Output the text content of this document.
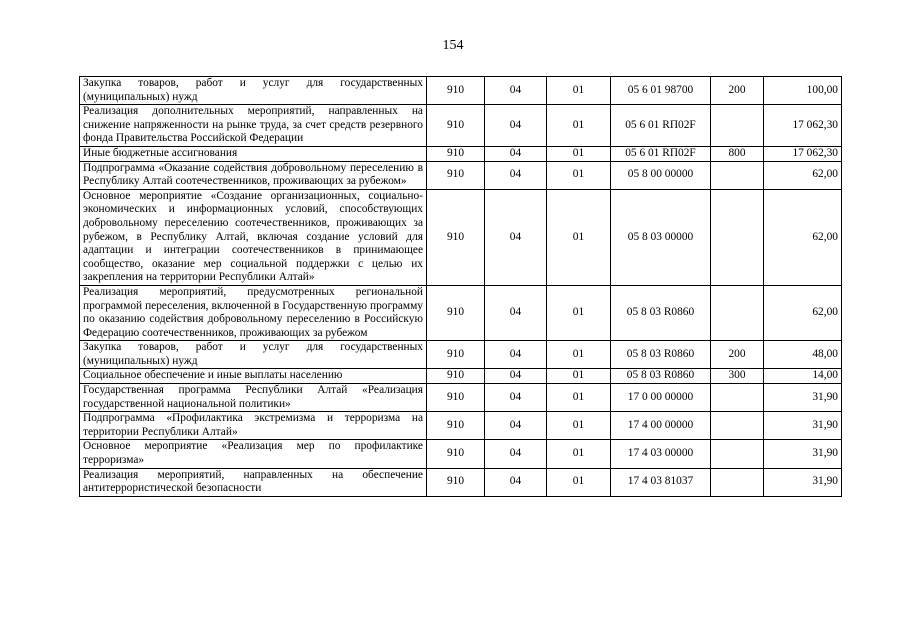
154
Закупка товаров, работ и услуг для государственных (муниципальных) нужд	910	04	01	05 6 01 98700	200	100,00
Реализация дополнительных мероприятий, направленных на снижение напряженности на рынке труда, за счет средств резервного фонда Правительства Российской Федерации	910	04	01	05 6 01 RП02F		17 062,30
Иные бюджетные ассигнования	910	04	01	05 6 01 RП02F	800	17 062,30
Подпрограмма «Оказание содействия добровольному переселению в Республику Алтай соотечественников, проживающих за рубежом»	910	04	01	05 8 00 00000		62,00
Основное мероприятие «Создание организационных, социально-экономических и информационных условий, способствующих добровольному переселению соотечественников, проживающих за рубежом, в Республику Алтай, включая создание условий для адаптации и интеграции соотечественников в принимающее сообщество, оказание мер социальной поддержки с целью их закрепления на территории Республики Алтай»	910	04	01	05 8 03 00000		62,00
Реализация мероприятий, предусмотренных региональной программой переселения, включенной в Государственную программу по оказанию содействия добровольному переселению в Российскую Федерацию соотечественников, проживающих за рубежом	910	04	01	05 8 03 R0860		62,00
Закупка товаров, работ и услуг для государственных (муниципальных) нужд	910	04	01	05 8 03 R0860	200	48,00
Социальное обеспечение и иные выплаты населению	910	04	01	05 8 03 R0860	300	14,00
Государственная программа Республики Алтай «Реализация государственной национальной политики»	910	04	01	17 0 00 00000		31,90
Подпрограмма «Профилактика экстремизма и терроризма на территории Республики Алтай»	910	04	01	17 4 00 00000		31,90
Основное мероприятие «Реализация мер по профилактике терроризма»	910	04	01	17 4 03 00000		31,90
Реализация мероприятий, направленных на обеспечение антитеррористической безопасности	910	04	01	17 4 03 81037		31,90
